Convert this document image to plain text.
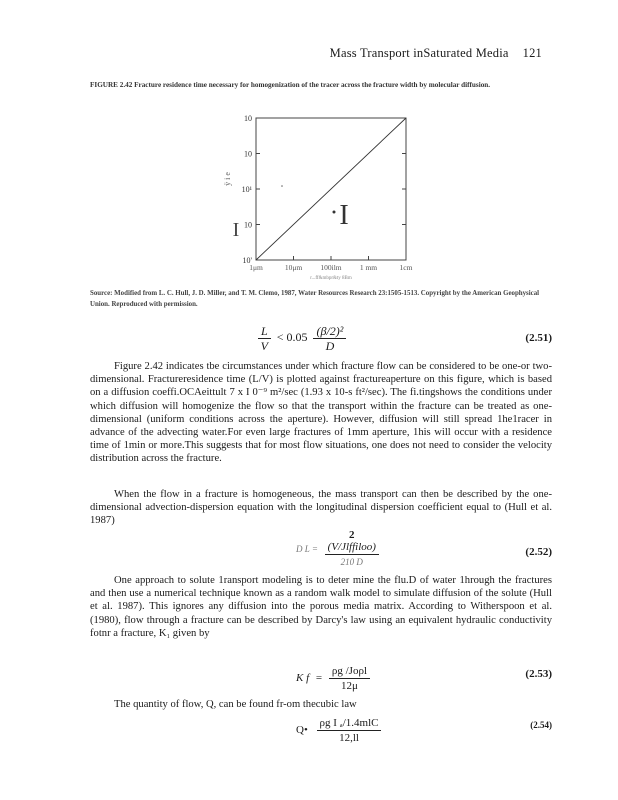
Mass Transport inSaturated Media 121
FIGURE 2.42 Fracture residence time necessary for homogenization of the tracer across the fracture width by molecular diffusion.
1μm	10μm 100ilm 1 mm	1cm
10'
10
10¹
10
10
r...ff&mbpr&ty 8Bm
ÿ i e
I	I
Source: Modified from L. C. Hull, J. D. Miller, and T. M. Clemo, 1987, Water Resources Research 23:1505-1513. Copyright by the American Geophysical Union. Reproduced with permission.
$\frac{L}{V} < 0.05 \frac{\text{(β/2)²}}{D}$	(2.51)

Figure 2.42 indicates tbe circumstances under which fracture flow can be considered to be one-or two-dimensional. Fractureresidence time (L/V) is plotted against fractureaperture on this figure, which is based on a diffusion coeffi.OCAeittult 7 x I 0⁻⁹ m²/sec (1.93 x 10-s ft²/sec). The fi.tingshows the conditions under which diffusion will homogenize the flow so that the transport within the fracture can be treated as one-dimensional (uniform conditions across the aperture). However, diffusion will still spread 1he1racer in advance of the advecting water.For even large fractures of 1mm aperture, 1his will occur with a residence time of 1min or more.This suggests that for most flow situations, one does not need to consider the velocity distribution across the fracture.

When the flow in a fracture is homogeneous, the mass transport can then be described by the one-dimensional advection-dispersion equation with the longitudinal dispersion coefficient equal to (Hull et al. 1987)

D L =
2
(V/Jlffiloo)
210 D
(2.52)

One approach to solute 1ransport modeling is to deter mine the flu.D of water 1hrough the fractures and then use a numerical technique known as a random walk model to simulate diffusion of the solute (Hull et al. 1987). This ignores any diffusion into the porous media matrix. According to Witherspoon et al. (1980), flow through a fracture can be described by Darcy's law using an equivalent hydraulic conductivity fotnr a fracture, K₁ given by

K $f = \frac{\text{ρg /Joρl}}{12\mu}$	(2.53)

The quantity of flow, Q, can be found fr-om thecubic law

Q• $\frac{\text{ρg I ₐ/1.4mlC}}{12,ll}$	(2.54)
